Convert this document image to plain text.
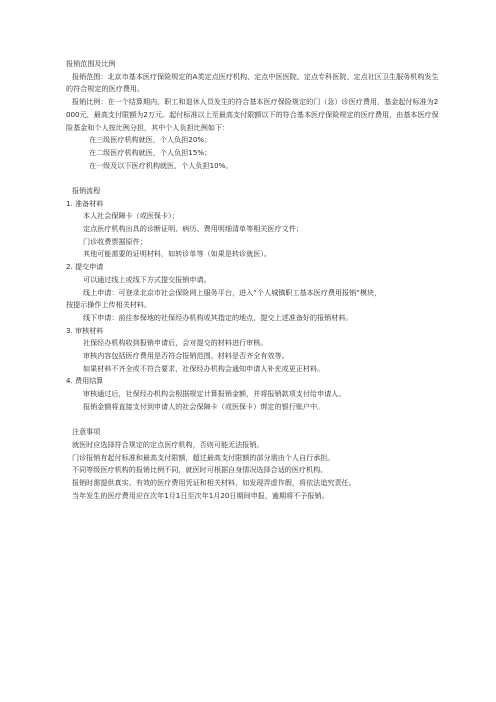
报销范围及比例
报销范围：北京市基本医疗保险规定的A类定点医疗机构、定点中医医院、定点专科医院、定点社区卫生服务机构发生的符合规定的医疗费用。
报销比例：在一个结算期内，职工和退休人员发生的符合基本医疗保险规定的门（急）诊医疗费用，基金起付标准为2000元，最高支付限额为2万元。起付标准以上至最高支付限额以下的符合基本医疗保险规定的医疗费用，由基本医疗保险基金和个人按比例分担，其中个人负担比例如下：
在三级医疗机构就医，个人负担20%；
在二级医疗机构就医，个人负担15%；
在一级及以下医疗机构就医，个人负担10%。
报销流程
1. 准备材料
本人社会保障卡（或医保卡）；
定点医疗机构出具的诊断证明、病历、费用明细清单等相关医疗文件；
门诊收费票据原件；
其他可能需要的证明材料，如转诊单等（如果是转诊就医）。
2. 提交申请
可以通过线上或线下方式提交报销申请。
线上申请：可登录北京市社会保险网上服务平台，进入“个人城镇职工基本医疗费用报销”模块，
按提示操作上传相关材料。
线下申请：前往参保地的社保经办机构或其指定的地点，提交上述准备好的报销材料。
3. 审核材料
社保经办机构收到报销申请后，会对提交的材料进行审核。
审核内容包括医疗费用是否符合报销范围、材料是否齐全有效等。
如果材料不齐全或不符合要求，社保经办机构会通知申请人补充或更正材料。
4. 费用结算
审核通过后，社保经办机构会根据规定计算报销金额，并将报销款项支付给申请人。
报销金额将直接支付到申请人的社会保障卡（或医保卡）绑定的银行账户中。
注意事项
就医时应选择符合规定的定点医疗机构，否则可能无法报销。
门诊报销有起付标准和最高支付限额，超过最高支付限额的部分需由个人自行承担。
不同等级医疗机构的报销比例不同，就医时可根据自身情况选择合适的医疗机构。
报销时需提供真实、有效的医疗费用凭证和相关材料，如发现弄虚作假，将依法追究责任。
当年发生的医疗费用应在次年1月1日至次年1月20日期间申报，逾期将不予报销。
